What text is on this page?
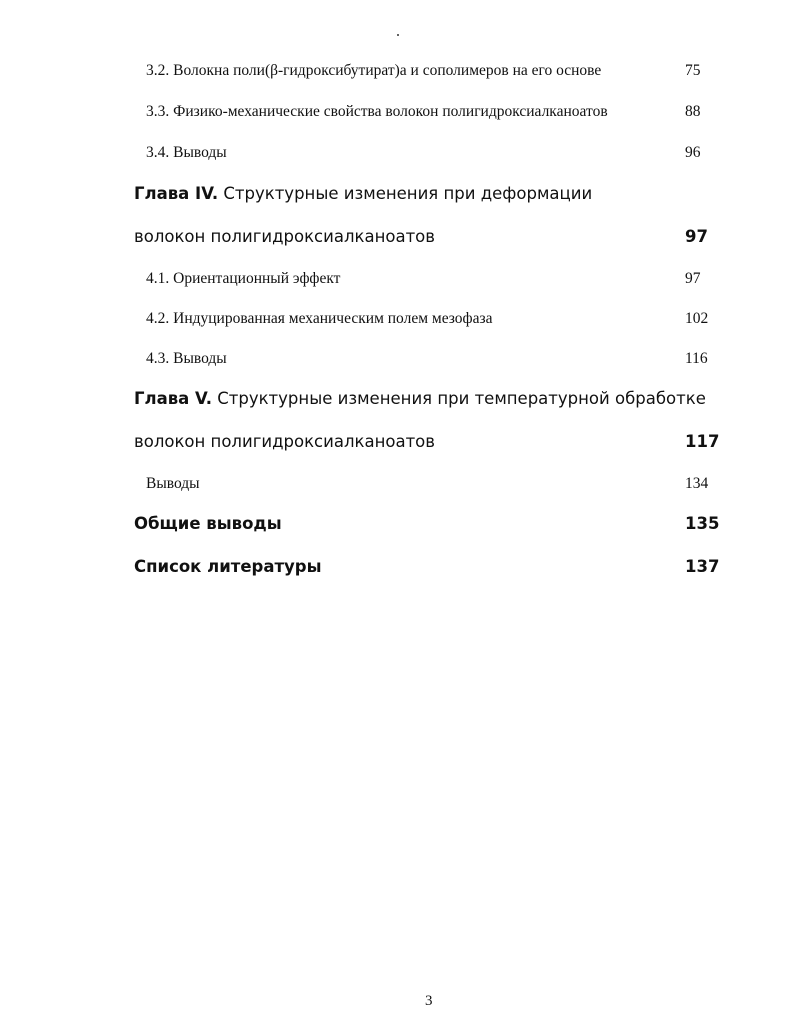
3.2. Волокна поли(β-гидроксибутират)а и сополимеров на его основе	75
3.3. Физико-механические свойства волокон полигидроксиалканоатов	88
3.4. Выводы	96
Глава IV. Структурные изменения при деформации
волокон полигидроксиалканоатов	97
4.1. Ориентационный эффект	97
4.2. Индуцированная механическим полем мезофаза	102
4.3. Выводы	116
Глава V. Структурные изменения при температурной обработке
волокон полигидроксиалканоатов	117
Выводы	134
Общие выводы	135
Список литературы	137
3
